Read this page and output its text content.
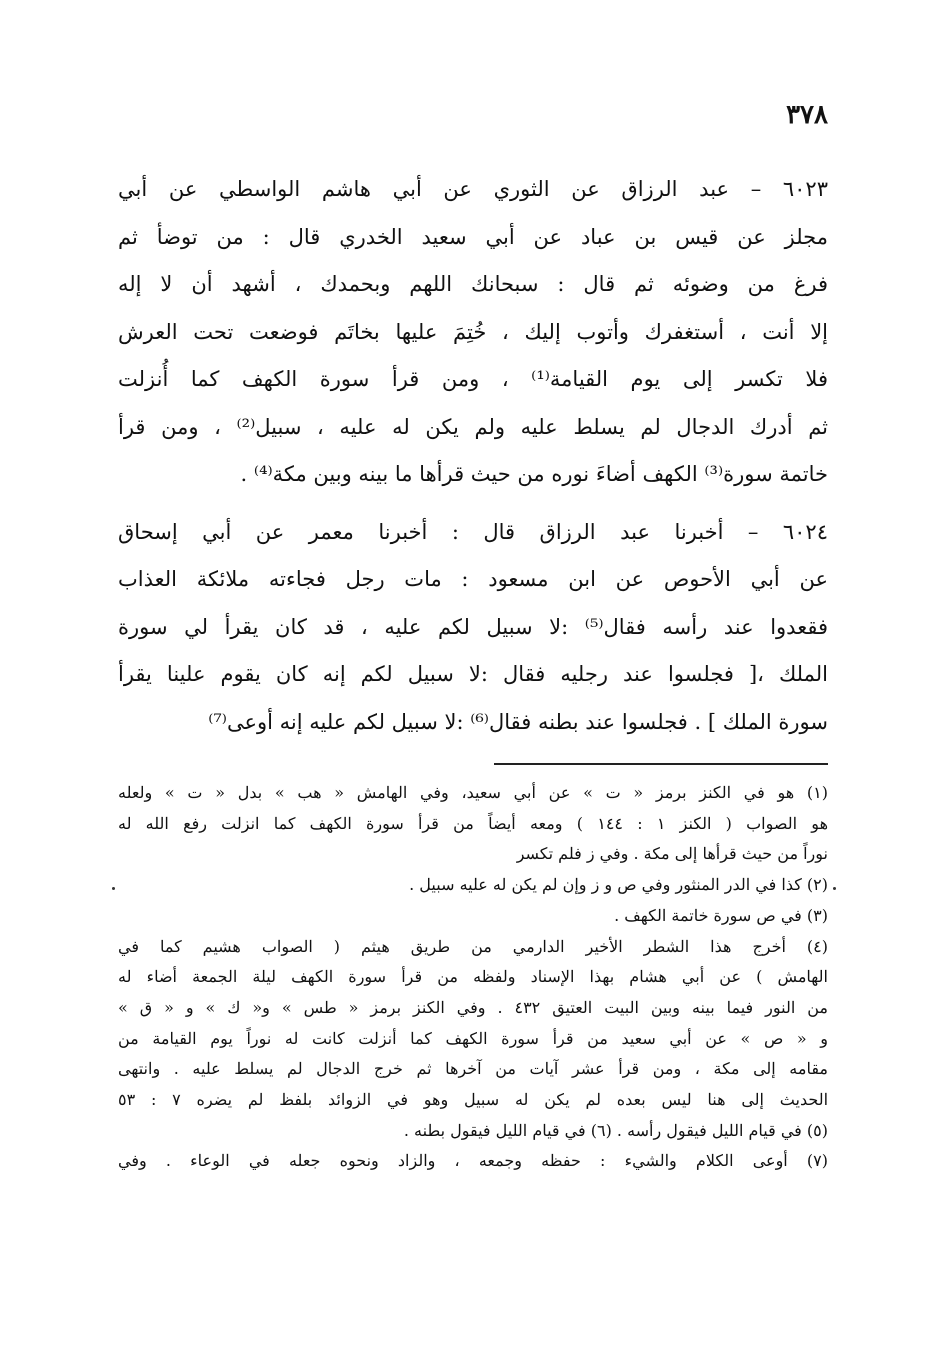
٣٧٨
٦٠٢٣ – عبد الرزاق عن الثوري عن أبي هاشم الواسطي عن أبي
مجلز عن قيس بن عباد عن أبي سعيد الخدري قال : من توضأ ثم
فرغ من وضوئه ثم قال : سبحانك اللهم وبحمدك ، أشهد أن لا إله
إلا أنت ، أستغفرك وأتوب إليك ، خُتِمَ عليها بخاتَم فوضعت تحت العرش
فلا تكسر إلى يوم القيامة⁽¹⁾ ، ومن قرأ سورة الكهف كما أُنزلت
ثم أدرك الدجال لم يسلط عليه ولم يكن له عليه ، سبيل⁽²⁾ ، ومن قرأ
خاتمة سورة⁽³⁾ الكهف أضاءَ نوره من حيث قرأها ما بينه وبين مكة⁽⁴⁾ .
٦٠٢٤ – أخبرنا عبد الرزاق قال : أخبرنا معمر عن أبي إسحاق
عن أبي الأحوص عن ابن مسعود : مات رجل فجاءته ملائكة العذاب
فقعدوا عند رأسه فقال⁽⁵⁾ :لا سبيل لكم عليه ، قد كان يقرأ لي سورة
الملك ،[ فجلسوا عند رجليه فقال :لا سبيل لكم إنه كان يقوم علينا يقرأ
سورة الملك ] . فجلسوا عند بطنه فقال⁽⁶⁾ :لا سبيل لكم عليه إنه أوعى⁽⁷⁾
(١) هو في الكنز برمز « ت » عن أبي سعيد، وفي الهامش « هب » بدل « ت » ولعله
هو الصواب ( الكنز ١ : ١٤٤ ) ومعه أيضاً من قرأ سورة الكهف كما انزلت رفع الله له
نوراً من حيث قرأها إلى مكة . وفي ز فلم تكسر
(٢) كذا في الدر المنثور وفي ص و ز وإن لم يكن له عليه سبيل .
(٣) في ص سورة خاتمة الكهف .
(٤) أخرج هذا الشطر الأخير الدارمي من طريق هيثم ( الصواب هشيم كما في
الهامش ) عن أبي هشام بهذا الإسناد ولفظه من قرأ سورة الكهف ليلة الجمعة أضاء له
من النور فيما بينه وبين البيت العتيق ٤٣٢ . وفي الكنز برمز « طس » و« ك » و « ق »
و « ص » عن أبي سعيد من قرأ سورة الكهف كما أنزلت كانت له نوراً يوم القيامة من
مقامه إلى مكة ، ومن قرأ عشر آيات من آخرها ثم خرج الدجال لم يسلط عليه . وانتهى
الحديث إلى هنا ليس بعده لم يكن له سبيل وهو في الزوائد بلفظ لم يضره ٧ : ٥٣
(٥) في قيام الليل فيقول رأسه . (٦) في قيام الليل فيقول بطنه .
(٧) أوعى الكلام والشيء : حفظه وجمعه ، والزاد ونحوه جعله في الوعاء . وفي
